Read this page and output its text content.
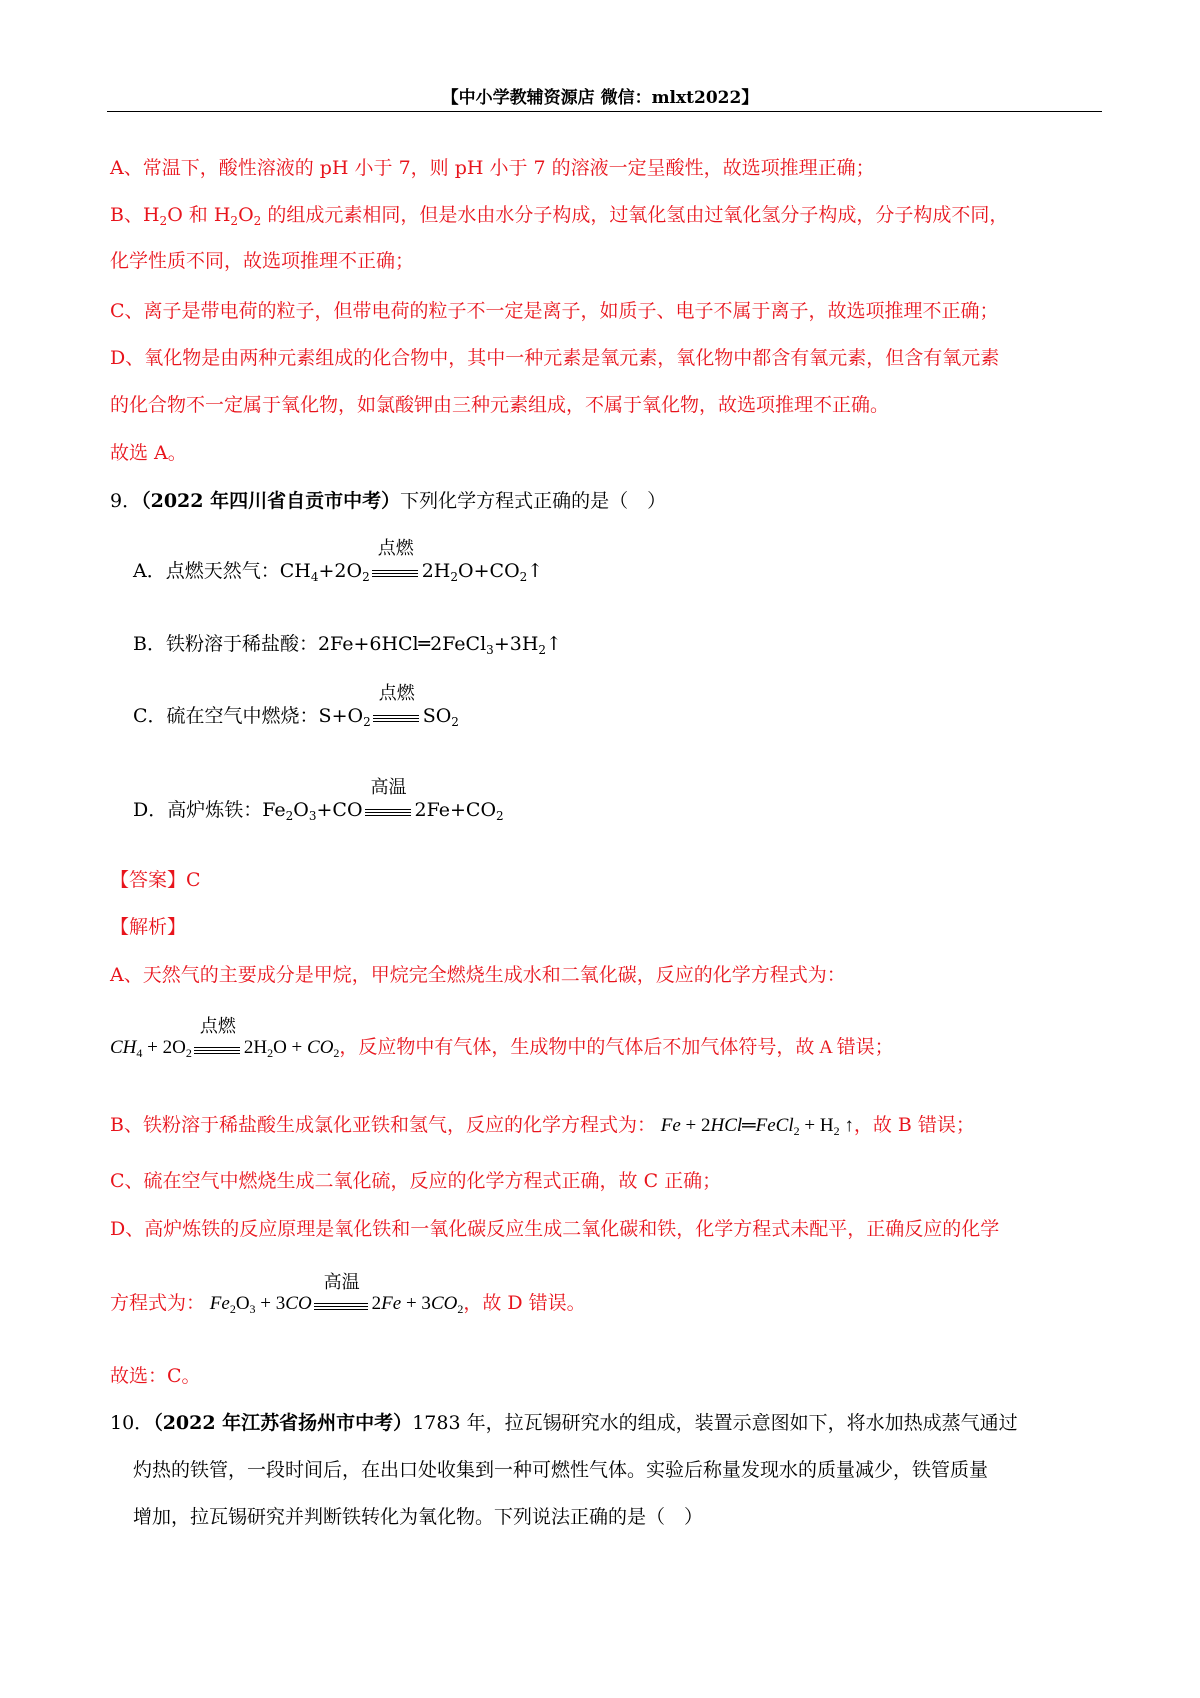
【中小学教辅资源店 微信：mlxt2022】
A、常温下，酸性溶液的 pH 小于 7，则 pH 小于 7 的溶液一定呈酸性，故选项推理正确；
B、$H_2O$ 和 $H_2O_2$ 的组成元素相同，但是水由水分子构成，过氧化氢由过氧化氢分子构成，分子构成不同，
化学性质不同，故选项推理不正确；
C、离子是带电荷的粒子，但带电荷的粒子不一定是离子，如质子、电子不属于离子，故选项推理不正确；
D、氧化物是由两种元素组成的化合物中，其中一种元素是氧元素，氧化物中都含有氧元素，但含有氧元素
的化合物不一定属于氧化物，如氯酸钾由三种元素组成，不属于氧化物，故选项推理不正确。
故选 A。
9．（2022 年四川省自贡市中考）下列化学方程式正确的是（　）
A．点燃天然气：$CH_4+2O_2$
点燃
$2H_2O+CO_2↑$
B．铁粉溶于稀盐酸：$2Fe+6HCl═2FeCl_3+3H_2↑$
C．硫在空气中燃烧：$S+O_2$
点燃
$SO_2$
D．高炉炼铁：$Fe_2O_3+CO$
高温
$2Fe+CO_2$
【答案】C
【解析】
A、天然气的主要成分是甲烷，甲烷完全燃烧生成水和二氧化碳，反应的化学方程式为：
$CH_4 + 2O_2$
点燃
$2H_2O + CO_2$，反应物中有气体，生成物中的气体后不加气体符号，故 A 错误；
B、铁粉溶于稀盐酸生成氯化亚铁和氢气，反应的化学方程式为： Fe + 2HCl═FeCl$_2$ + $H_2$ ↑，故 B 错误；
C、硫在空气中燃烧生成二氧化硫，反应的化学方程式正确，故 C 正确；
D、高炉炼铁的反应原理是氧化铁和一氧化碳反应生成二氧化碳和铁，化学方程式未配平，正确反应的化学
方程式为： $Fe_2O_3 + 3CO$
高温
$2Fe + 3CO_2$，故 D 错误。
故选：C。
10．（2022 年江苏省扬州市中考）1783 年，拉瓦锡研究水的组成，装置示意图如下，将水加热成蒸气通过
灼热的铁管，一段时间后，在出口处收集到一种可燃性气体。实验后称量发现水的质量减少，铁管质量
增加，拉瓦锡研究并判断铁转化为氧化物。下列说法正确的是（　）
